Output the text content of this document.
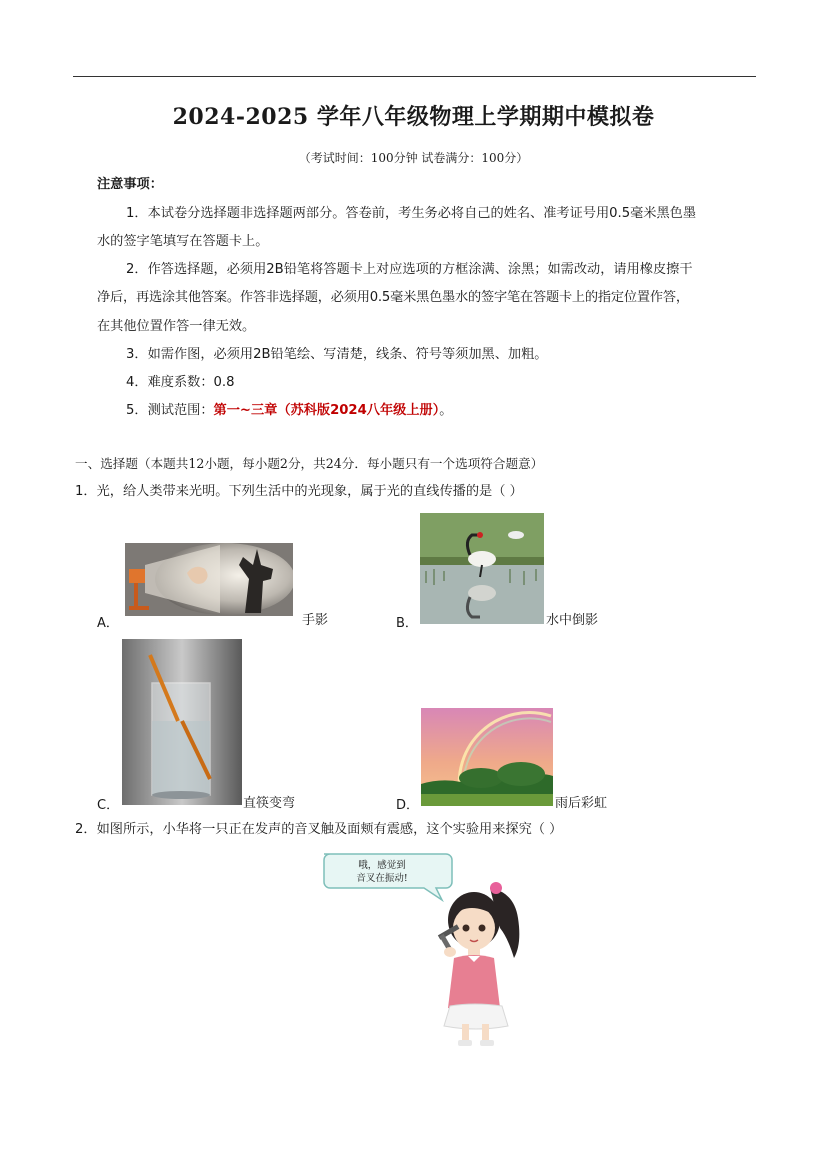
2024-2025 学年八年级物理上学期期中模拟卷
（考试时间：100分钟 试卷满分：100分）
注意事项：
1．本试卷分选择题非选择题两部分。答卷前，考生务必将自己的姓名、准考证号用0.5毫米黑色墨
水的签字笔填写在答题卡上。
2．作答选择题，必须用2B铅笔将答题卡上对应选项的方框涂满、涂黑；如需改动，请用橡皮擦干
净后，再选涂其他答案。作答非选择题，必须用0.5毫米黑色墨水的签字笔在答题卡上的指定位置作答，
在其他位置作答一律无效。
3．如需作图，必须用2B铅笔绘、写清楚，线条、符号等须加黑、加粗。
4．难度系数：0.8
5．测试范围：第一~三章（苏科版2024八年级上册）。
一、选择题（本题共12小题，每小题2分，共24分．每小题只有一个选项符合题意）
1．光，给人类带来光明。下列生活中的光现象，属于光的直线传播的是（ ）
A．	手影	B．	水中倒影
C．	直筷变弯	D．	雨后彩虹
2．如图所示，小华将一只正在发声的音叉触及面颊有震感，这个实验用来探究（ ）
哦，感觉到
音叉在振动!
